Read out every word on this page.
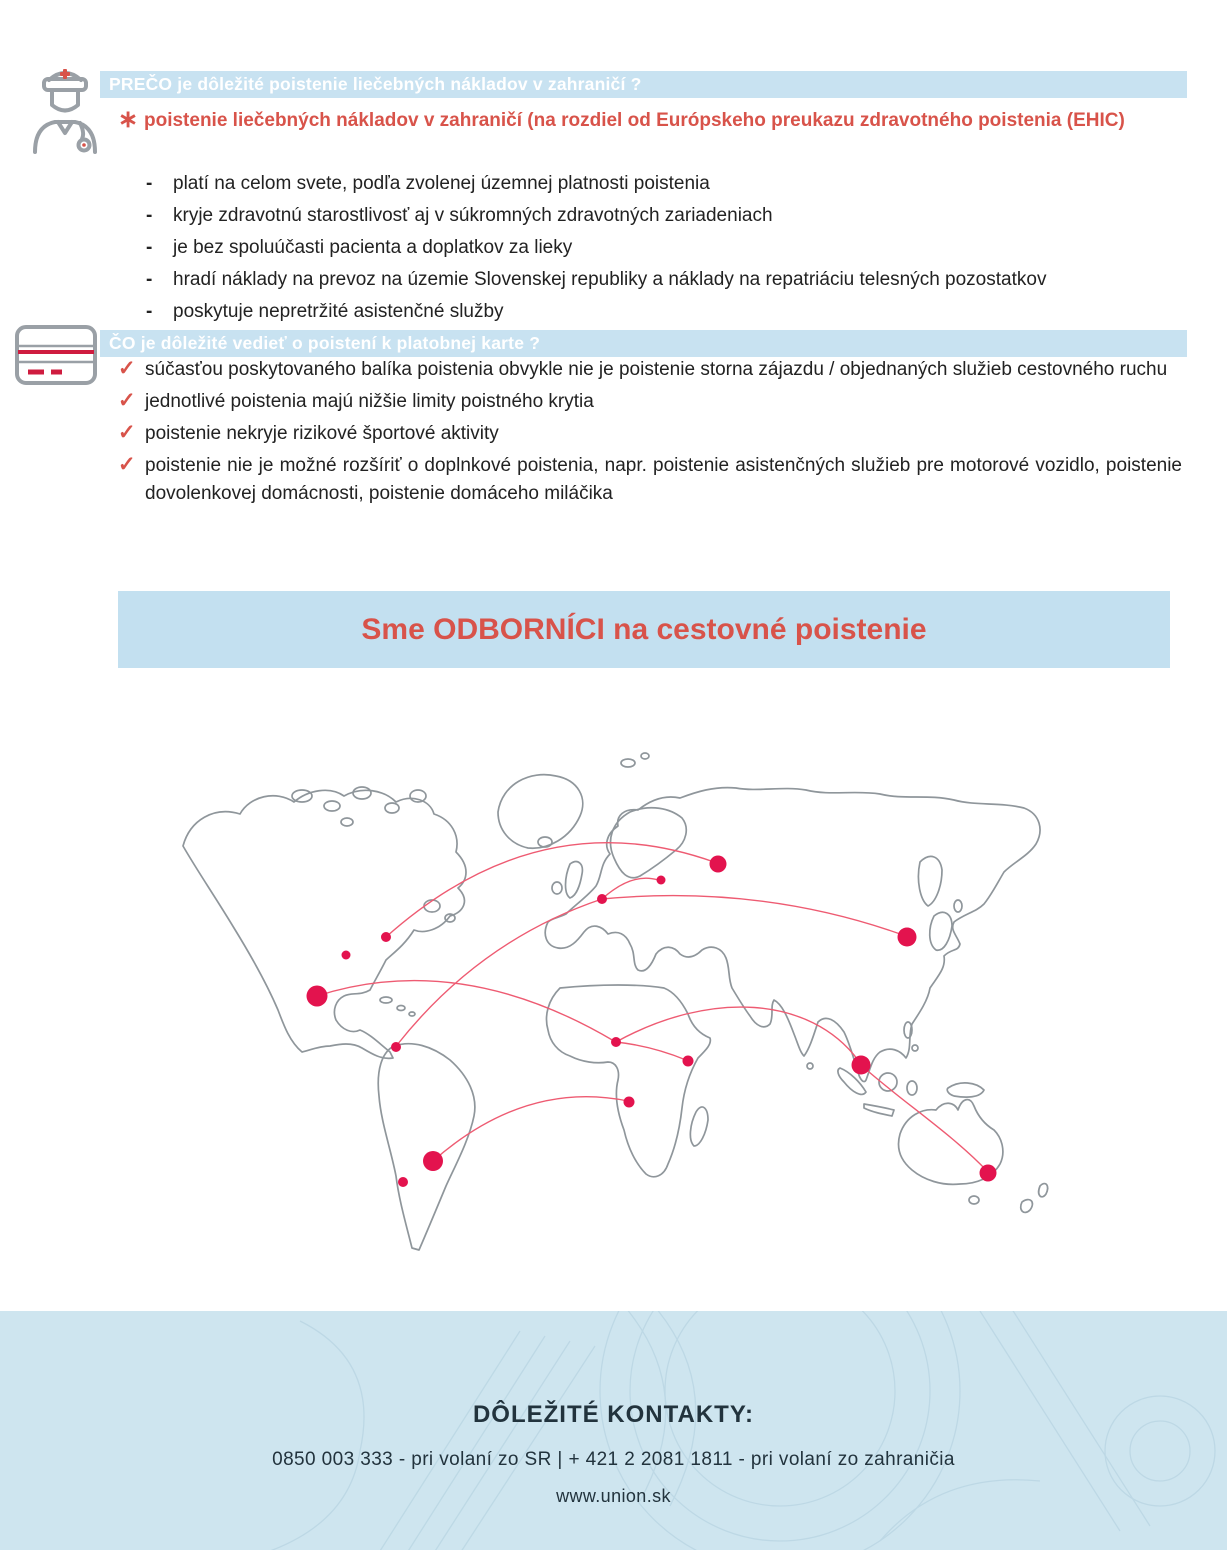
PREČO je dôležité poistenie liečebných nákladov v zahraničí ?
∗ poistenie liečebných nákladov v zahraničí (na rozdiel od Európskeho preukazu zdravotného poistenia (EHIC)

-	platí na celom svete, podľa zvolenej územnej platnosti poistenia
-	kryje zdravotnú starostlivosť aj v súkromných zdravotných zariadeniach
-	je bez spoluúčasti pacienta a doplatkov za lieky
-	hradí náklady na prevoz na územie Slovenskej republiky a náklady na repatriáciu telesných pozostatkov
-	poskytuje nepretržité asistenčné služby
ČO je dôležité vedieť o poistení k platobnej karte ?
✓ súčasťou poskytovaného balíka poistenia obvykle nie je poistenie storna zájazdu / objednaných služieb cestovného ruchu

✓ jednotlivé poistenia majú nižšie limity poistného krytia

✓ poistenie nekryje rizikové športové aktivity

✓ poistenie nie je možné rozšíriť o doplnkové poistenia, napr. poistenie asistenčných služieb pre motorové vozidlo, poistenie dovolenkovej domácnosti, poistenie domáceho miláčika

Sme ODBORNÍCI na cestovné poistenie
DÔLEŽITÉ KONTAKTY:
0850 003 333 - pri volaní zo SR | + 421 2 2081 1811 - pri volaní zo zahraničia
www.union.sk
